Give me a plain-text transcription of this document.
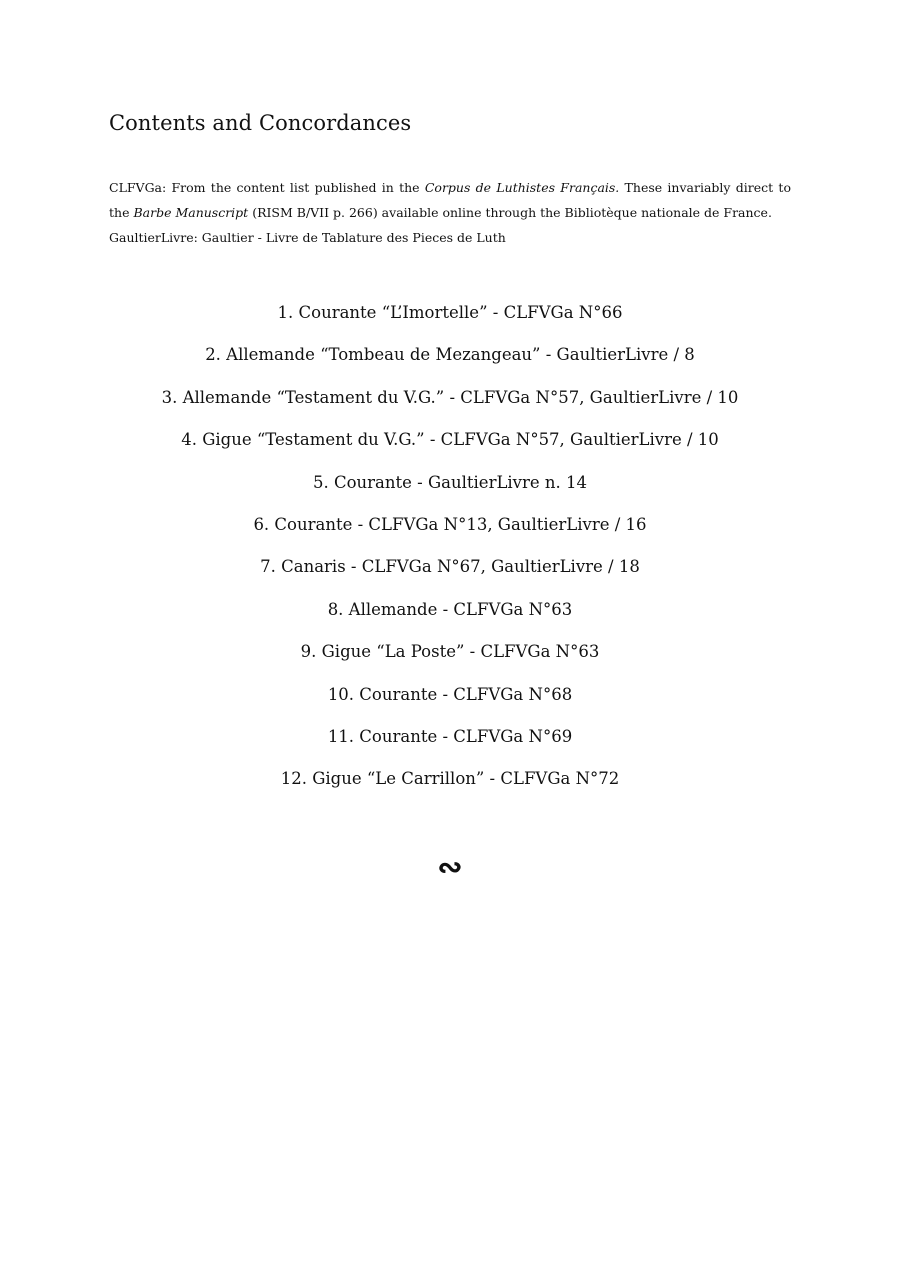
Contents and Concordances

CLFVGa: From the content list published in the Corpus de Luthistes Français. These invariably direct to the Barbe Manuscript (RISM B/VII p. 266) available online through the Bibliotèque nationale de France.

GaultierLivre: Gaultier - Livre de Tablature des Pieces de Luth

1. Courante “L’Imortelle” - CLFVGa N°66
2. Allemande “Tombeau de Mezangeau” - GaultierLivre / 8
3. Allemande “Testament du V.G.” - CLFVGa N°57, GaultierLivre / 10
4. Gigue “Testament du V.G.” - CLFVGa N°57, GaultierLivre / 10
5. Courante - GaultierLivre n. 14
6. Courante - CLFVGa N°13, GaultierLivre / 16
7. Canaris - CLFVGa N°67, GaultierLivre / 18
8. Allemande - CLFVGa N°63
9. Gigue “La Poste” - CLFVGa N°63
10. Courante - CLFVGa N°68
11. Courante - CLFVGa N°69
12. Gigue “Le Carrillon” - CLFVGa N°72
∾
